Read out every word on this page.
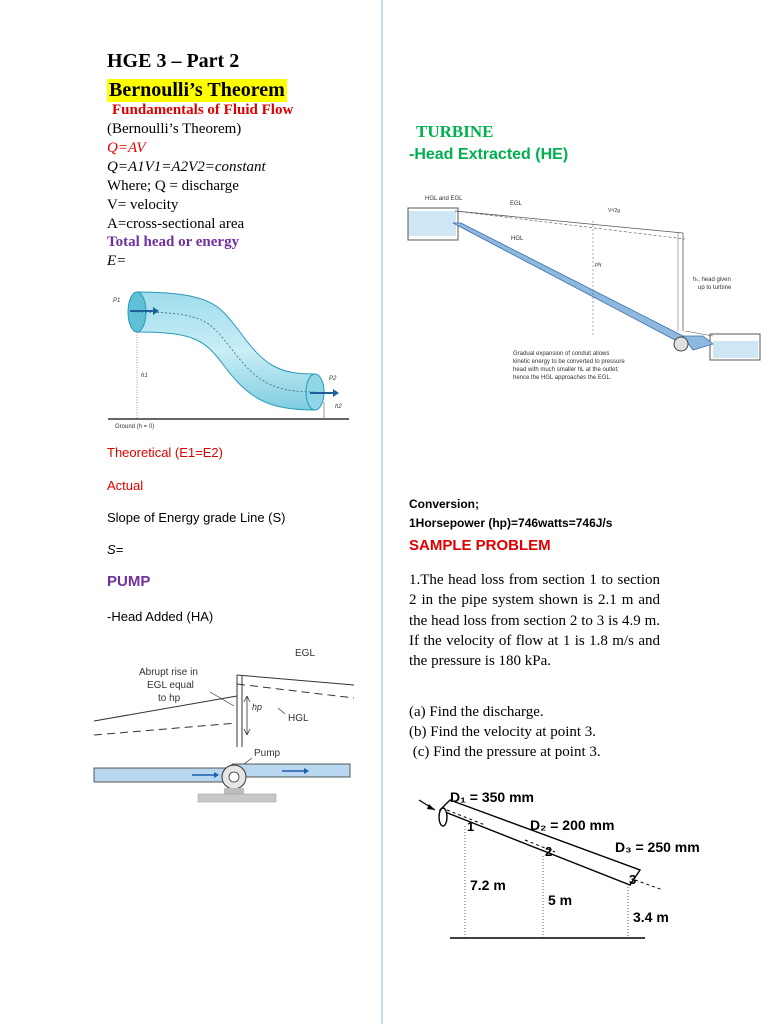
HGE 3 – Part 2
Bernoulli’s Theorem
Fundamentals of Fluid Flow
(Bernoulli’s Theorem)
Q=AV
Q=A1V1=A2V2=constant
Where; Q = discharge
V= velocity
A=cross-sectional area
Total head or energy
E=
Ground (h = 0)
P1
h1	P2
h2
Theoretical (E1=E2)
Actual
Slope of Energy grade Line (S)
S=
PUMP
-Head Added (HA)
hp
EGL
HGL
Abrupt rise in
EGL equal
to hp
Pump
TURBINE
-Head Extracted (HE)
HGL and EGL
EGL
HGL
V²/2g
p/γ
hₜ, head given
up to turbine
Gradual expansion of conduit allows
kinetic energy to be converted to pressure
head with much smaller hL at the outlet;
hence the HGL approaches the EGL.
Conversion;
1Horsepower (hp)=746watts=746J/s
SAMPLE PROBLEM
1.The head loss from section 1 to section 2 in the pipe system shown is 2.1 m and the head loss from section 2 to 3 is 4.9 m. If the velocity of flow at 1 is 1.8 m/s and the pressure is 180 kPa.
(a) Find the discharge.
(b) Find the velocity at point 3.
(c) Find the pressure at point 3.
1
2
3
D₁ = 350 mm
D₂ = 200 mm
D₃ = 250 mm
7.2 m
5 m
3.4 m
